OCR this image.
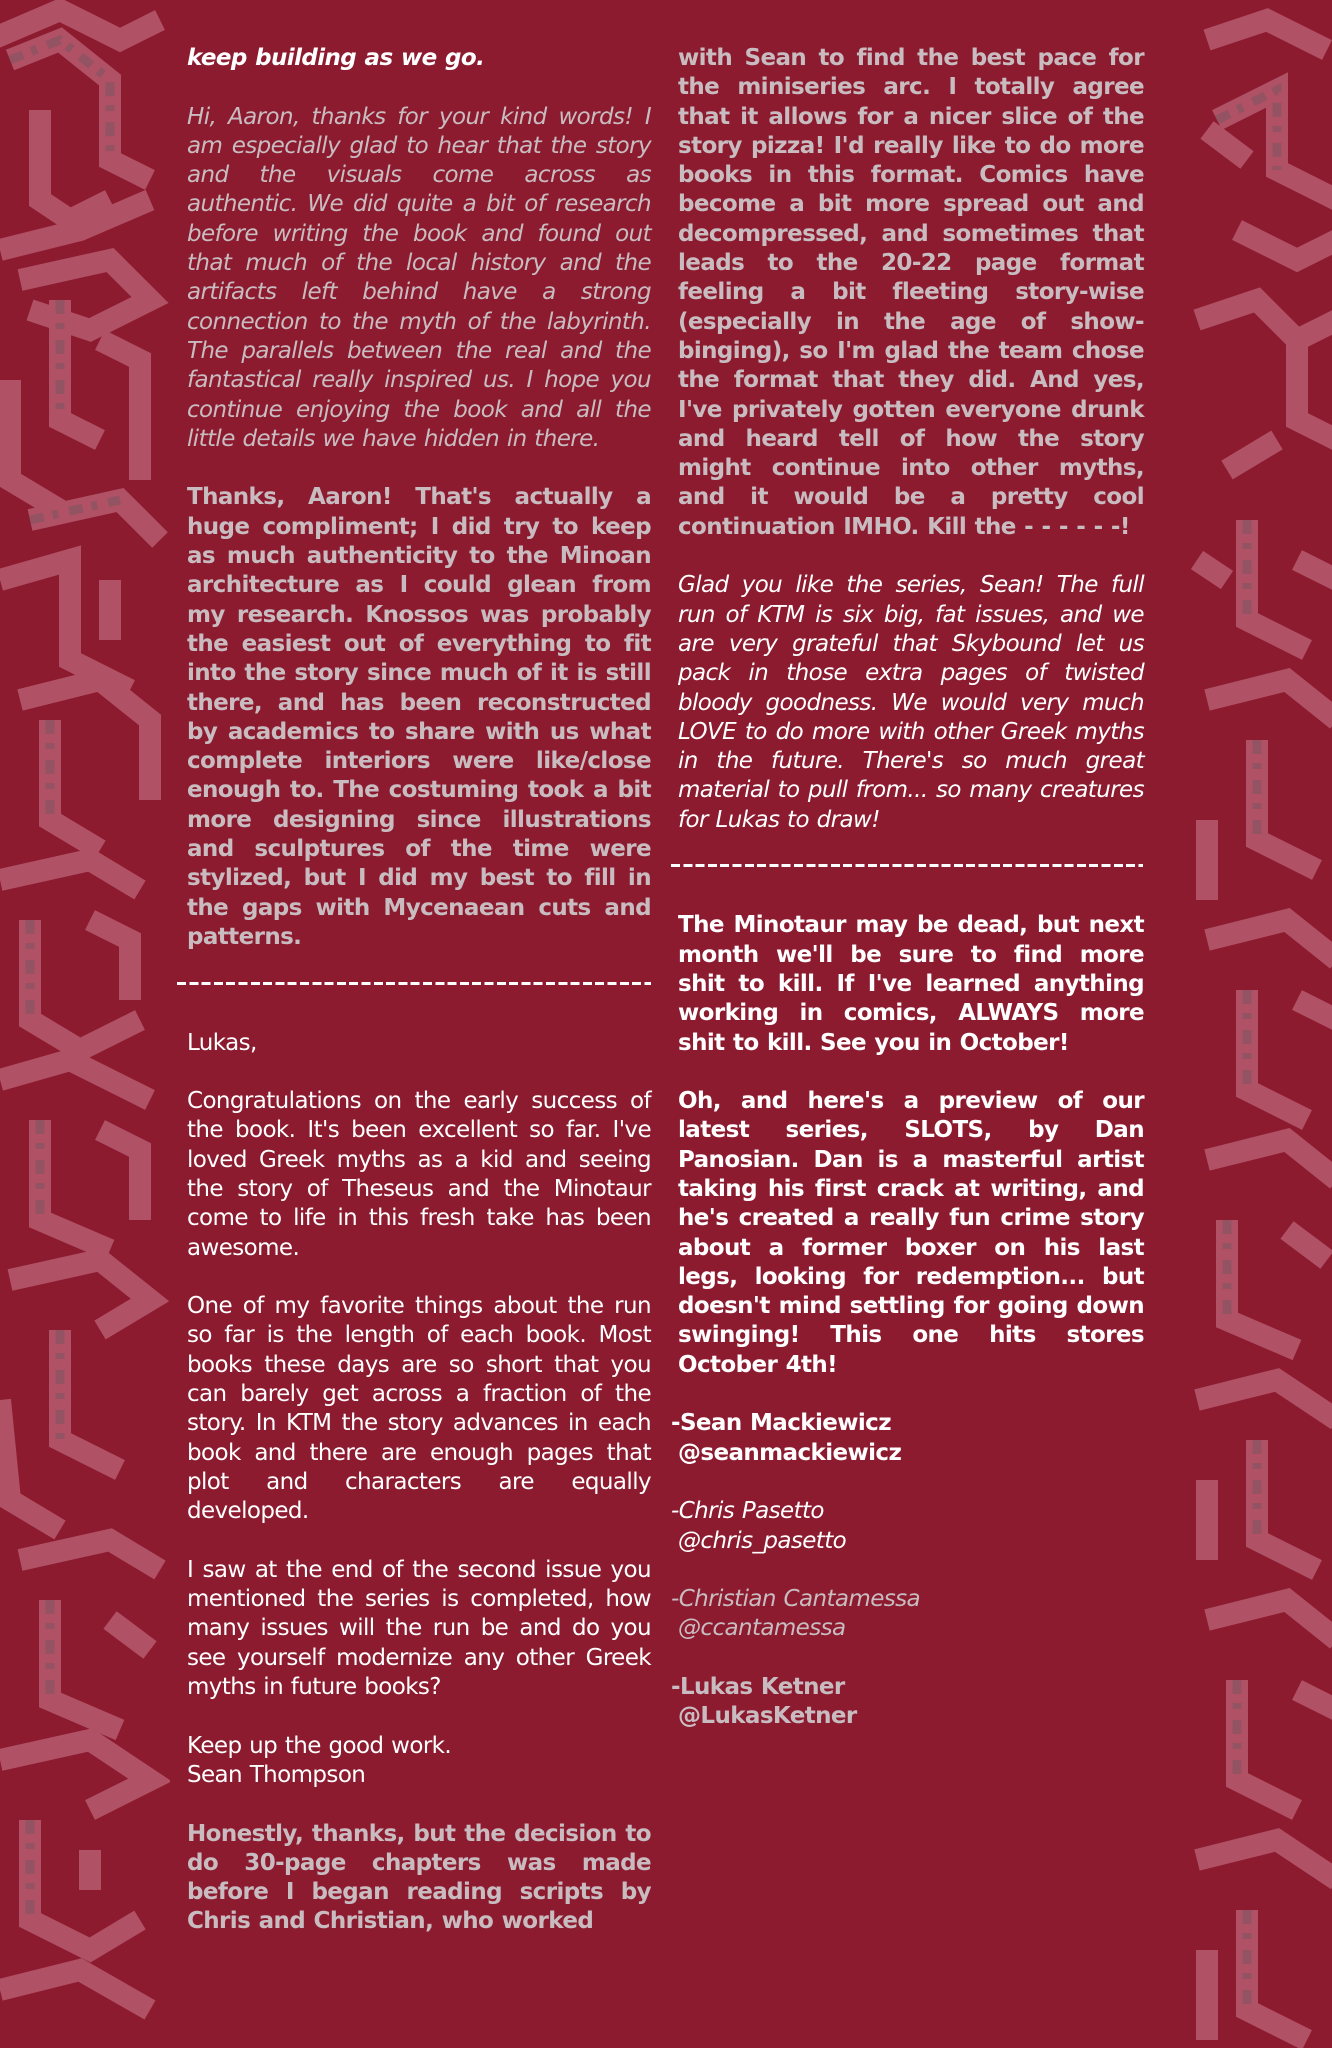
keep building as we go.

Hi, Aaron, thanks for your kind words! I am especially glad to hear that the story and the visuals come across as authentic. We did quite a bit of research before writing the book and found out that much of the local history and the artifacts left behind have a strong connection to the myth of the labyrinth. The parallels between the real and the fantastical really inspired us. I hope you continue enjoying the book and all the little details we have hidden in there.

Thanks, Aaron! That's actually a huge compliment; I did try to keep as much authenticity to the Minoan architecture as I could glean from my research. Knossos was probably the easiest out of everything to fit into the story since much of it is still there, and has been reconstructed by academics to share with us what complete interiors were like/close enough to. The costuming took a bit more designing since illustrations and sculptures of the time were stylized, but I did my best to fill in the gaps with Mycenaean cuts and patterns.

Lukas,

Congratulations on the early success of the book. It's been excellent so far. I've loved Greek myths as a kid and seeing the story of Theseus and the Minotaur come to life in this fresh take has been awesome.

One of my favorite things about the run so far is the length of each book. Most books these days are so short that you can barely get across a fraction of the story. In KTM the story advances in each book and there are enough pages that plot and characters are equally developed.

I saw at the end of the second issue you mentioned the series is completed, how many issues will the run be and do you see yourself modernize any other Greek myths in future books?

Keep up the good work.

Sean Thompson

Honestly, thanks, but the decision to do 30-page chapters was made before I began reading scripts by Chris and Christian, who worked

with Sean to find the best pace for the miniseries arc. I totally agree that it allows for a nicer slice of the story pizza! I'd really like to do more books in this format. Comics have become a bit more spread out and decompressed, and sometimes that leads to the 20-22 page format feeling a bit fleeting story-wise (especially in the age of show-binging), so I'm glad the team chose the format that they did. And yes, I've privately gotten everyone drunk and heard tell of how the story might continue into other myths, and it would be a pretty cool continuation IMHO. Kill the - - - - - -!

Glad you like the series, Sean! The full run of KTM is six big, fat issues, and we are very grateful that Skybound let us pack in those extra pages of twisted bloody goodness. We would very much LOVE to do more with other Greek myths in the future. There's so much great material to pull from... so many creatures for Lukas to draw!

The Minotaur may be dead, but next month we'll be sure to find more shit to kill. If I've learned anything working in comics, ALWAYS more shit to kill. See you in October!

Oh, and here's a preview of our latest series, SLOTS, by Dan Panosian. Dan is a masterful artist taking his first crack at writing, and he's created a really fun crime story about a former boxer on his last legs, looking for redemption... but doesn't mind settling for going down swinging! This one hits stores October 4th!

-Sean Mackiewicz
@seanmackiewicz
-Chris Pasetto
@chris_pasetto
-Christian Cantamessa
@ccantamessa
-Lukas Ketner
@LukasKetner
